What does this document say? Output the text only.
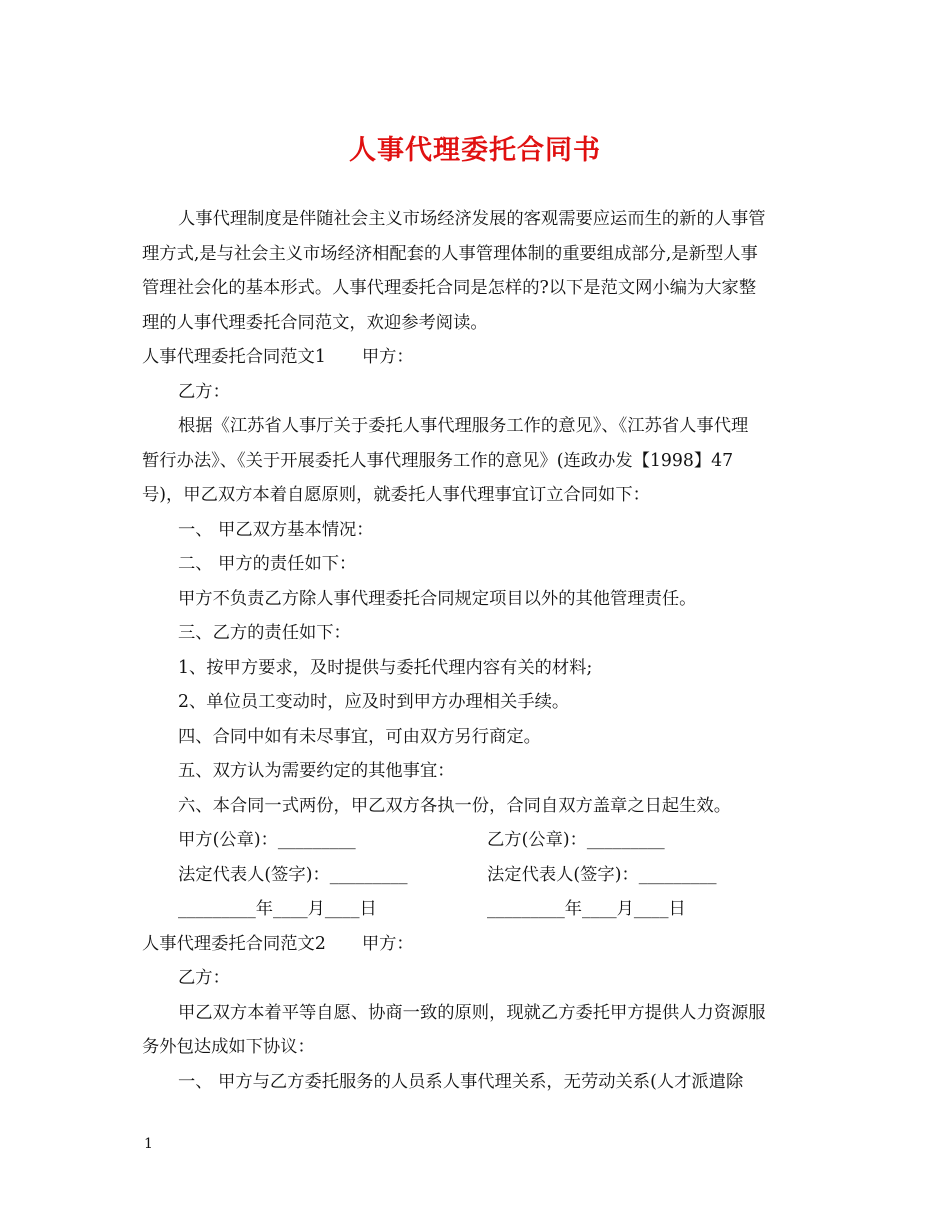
人事代理委托合同书
人事代理制度是伴随社会主义市场经济发展的客观需要应运而生的新的人事管
理方式,是与社会主义市场经济相配套的人事管理体制的重要组成部分,是新型人事
管理社会化的基本形式。人事代理委托合同是怎样的?以下是范文网小编为大家整
理的人事代理委托合同范文，欢迎参考阅读。
人事代理委托合同范文1 甲方：
乙方：
根据《江苏省人事厅关于委托人事代理服务工作的意见》、《江苏省人事代理
暂行办法》、《关于开展委托人事代理服务工作的意见》(连政办发【1998】47
号)，甲乙双方本着自愿原则，就委托人事代理事宜订立合同如下：
一、 甲乙双方基本情况：
二、 甲方的责任如下：
甲方不负责乙方除人事代理委托合同规定项目以外的其他管理责任。
三、乙方的责任如下：
1、按甲方要求，及时提供与委托代理内容有关的材料;
2、单位员工变动时，应及时到甲方办理相关手续。
四、合同中如有未尽事宜，可由双方另行商定。
五、双方认为需要约定的其他事宜：
六、本合同一式两份，甲乙双方各执一份，合同自双方盖章之日起生效。
甲方(公章)：_________	乙方(公章)：_________
法定代表人(签字)：_________	法定代表人(签字)：_________
_________年____月____日	_________年____月____日
人事代理委托合同范文2 甲方：
乙方：
甲乙双方本着平等自愿、协商一致的原则，现就乙方委托甲方提供人力资源服
务外包达成如下协议：
一、 甲方与乙方委托服务的人员系人事代理关系，无劳动关系(人才派遣除
1
